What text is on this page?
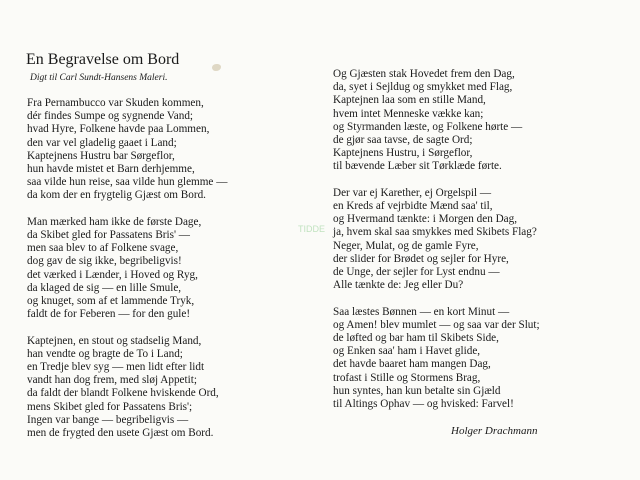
En Begravelse om Bord
Digt til Carl Sundt-Hansens Maleri.
TIDDE
Fra Pernambucco var Skuden kommen,
dér findes Sumpe og sygnende Vand;
hvad Hyre, Folkene havde paa Lommen,
den var vel gladelig gaaet i Land;
Kaptejnens Hustru bar Sørgeflor,
hun havde mistet et Barn derhjemme,
saa vilde hun reise, saa vilde hun glemme —
da kom der en frygtelig Gjæst om Bord.
Man mærked ham ikke de første Dage,
da Skibet gled for Passatens Bris' —
men saa blev to af Folkene svage,
dog gav de sig ikke, begribeligvis!
det værked i Lænder, i Hoved og Ryg,
da klaged de sig — en lille Smule,
og knuget, som af et lammende Tryk,
faldt de for Feberen — for den gule!
Kaptejnen, en stout og stadselig Mand,
han vendte og bragte de To i Land;
en Tredje blev syg — men lidt efter lidt
vandt han dog frem, med sløj Appetit;
da faldt der blandt Folkene hviskende Ord,
mens Skibet gled for Passatens Bris';
Ingen var bange — begribeligvis —
men de frygted den usete Gjæst om Bord.
Og Gjæsten stak Hovedet frem den Dag,
da, syet i Sejldug og smykket med Flag,
Kaptejnen laa som en stille Mand,
hvem intet Menneske vække kan;
og Styrmanden læste, og Folkene hørte —
de gjør saa tavse, de sagte Ord;
Kaptejnens Hustru, i Sørgeflor,
til bævende Læber sit Tørklæde førte.
Der var ej Karether, ej Orgelspil —
en Kreds af vejrbidte Mænd saa' til,
og Hvermand tænkte: i Morgen den Dag,
ja, hvem skal saa smykkes med Skibets Flag?
Neger, Mulat, og de gamle Fyre,
der slider for Brødet og sejler for Hyre,
de Unge, der sejler for Lyst endnu —
Alle tænkte de: Jeg eller Du?
Saa læstes Bønnen — en kort Minut —
og Amen! blev mumlet — og saa var der Slut;
de løfted og bar ham til Skibets Side,
og Enken saa' ham i Havet glide,
det havde baaret ham mangen Dag,
trofast i Stille og Stormens Brag,
hun syntes, han kun betalte sin Gjæld
til Altings Ophav — og hvisked: Farvel!
Holger Drachmann
